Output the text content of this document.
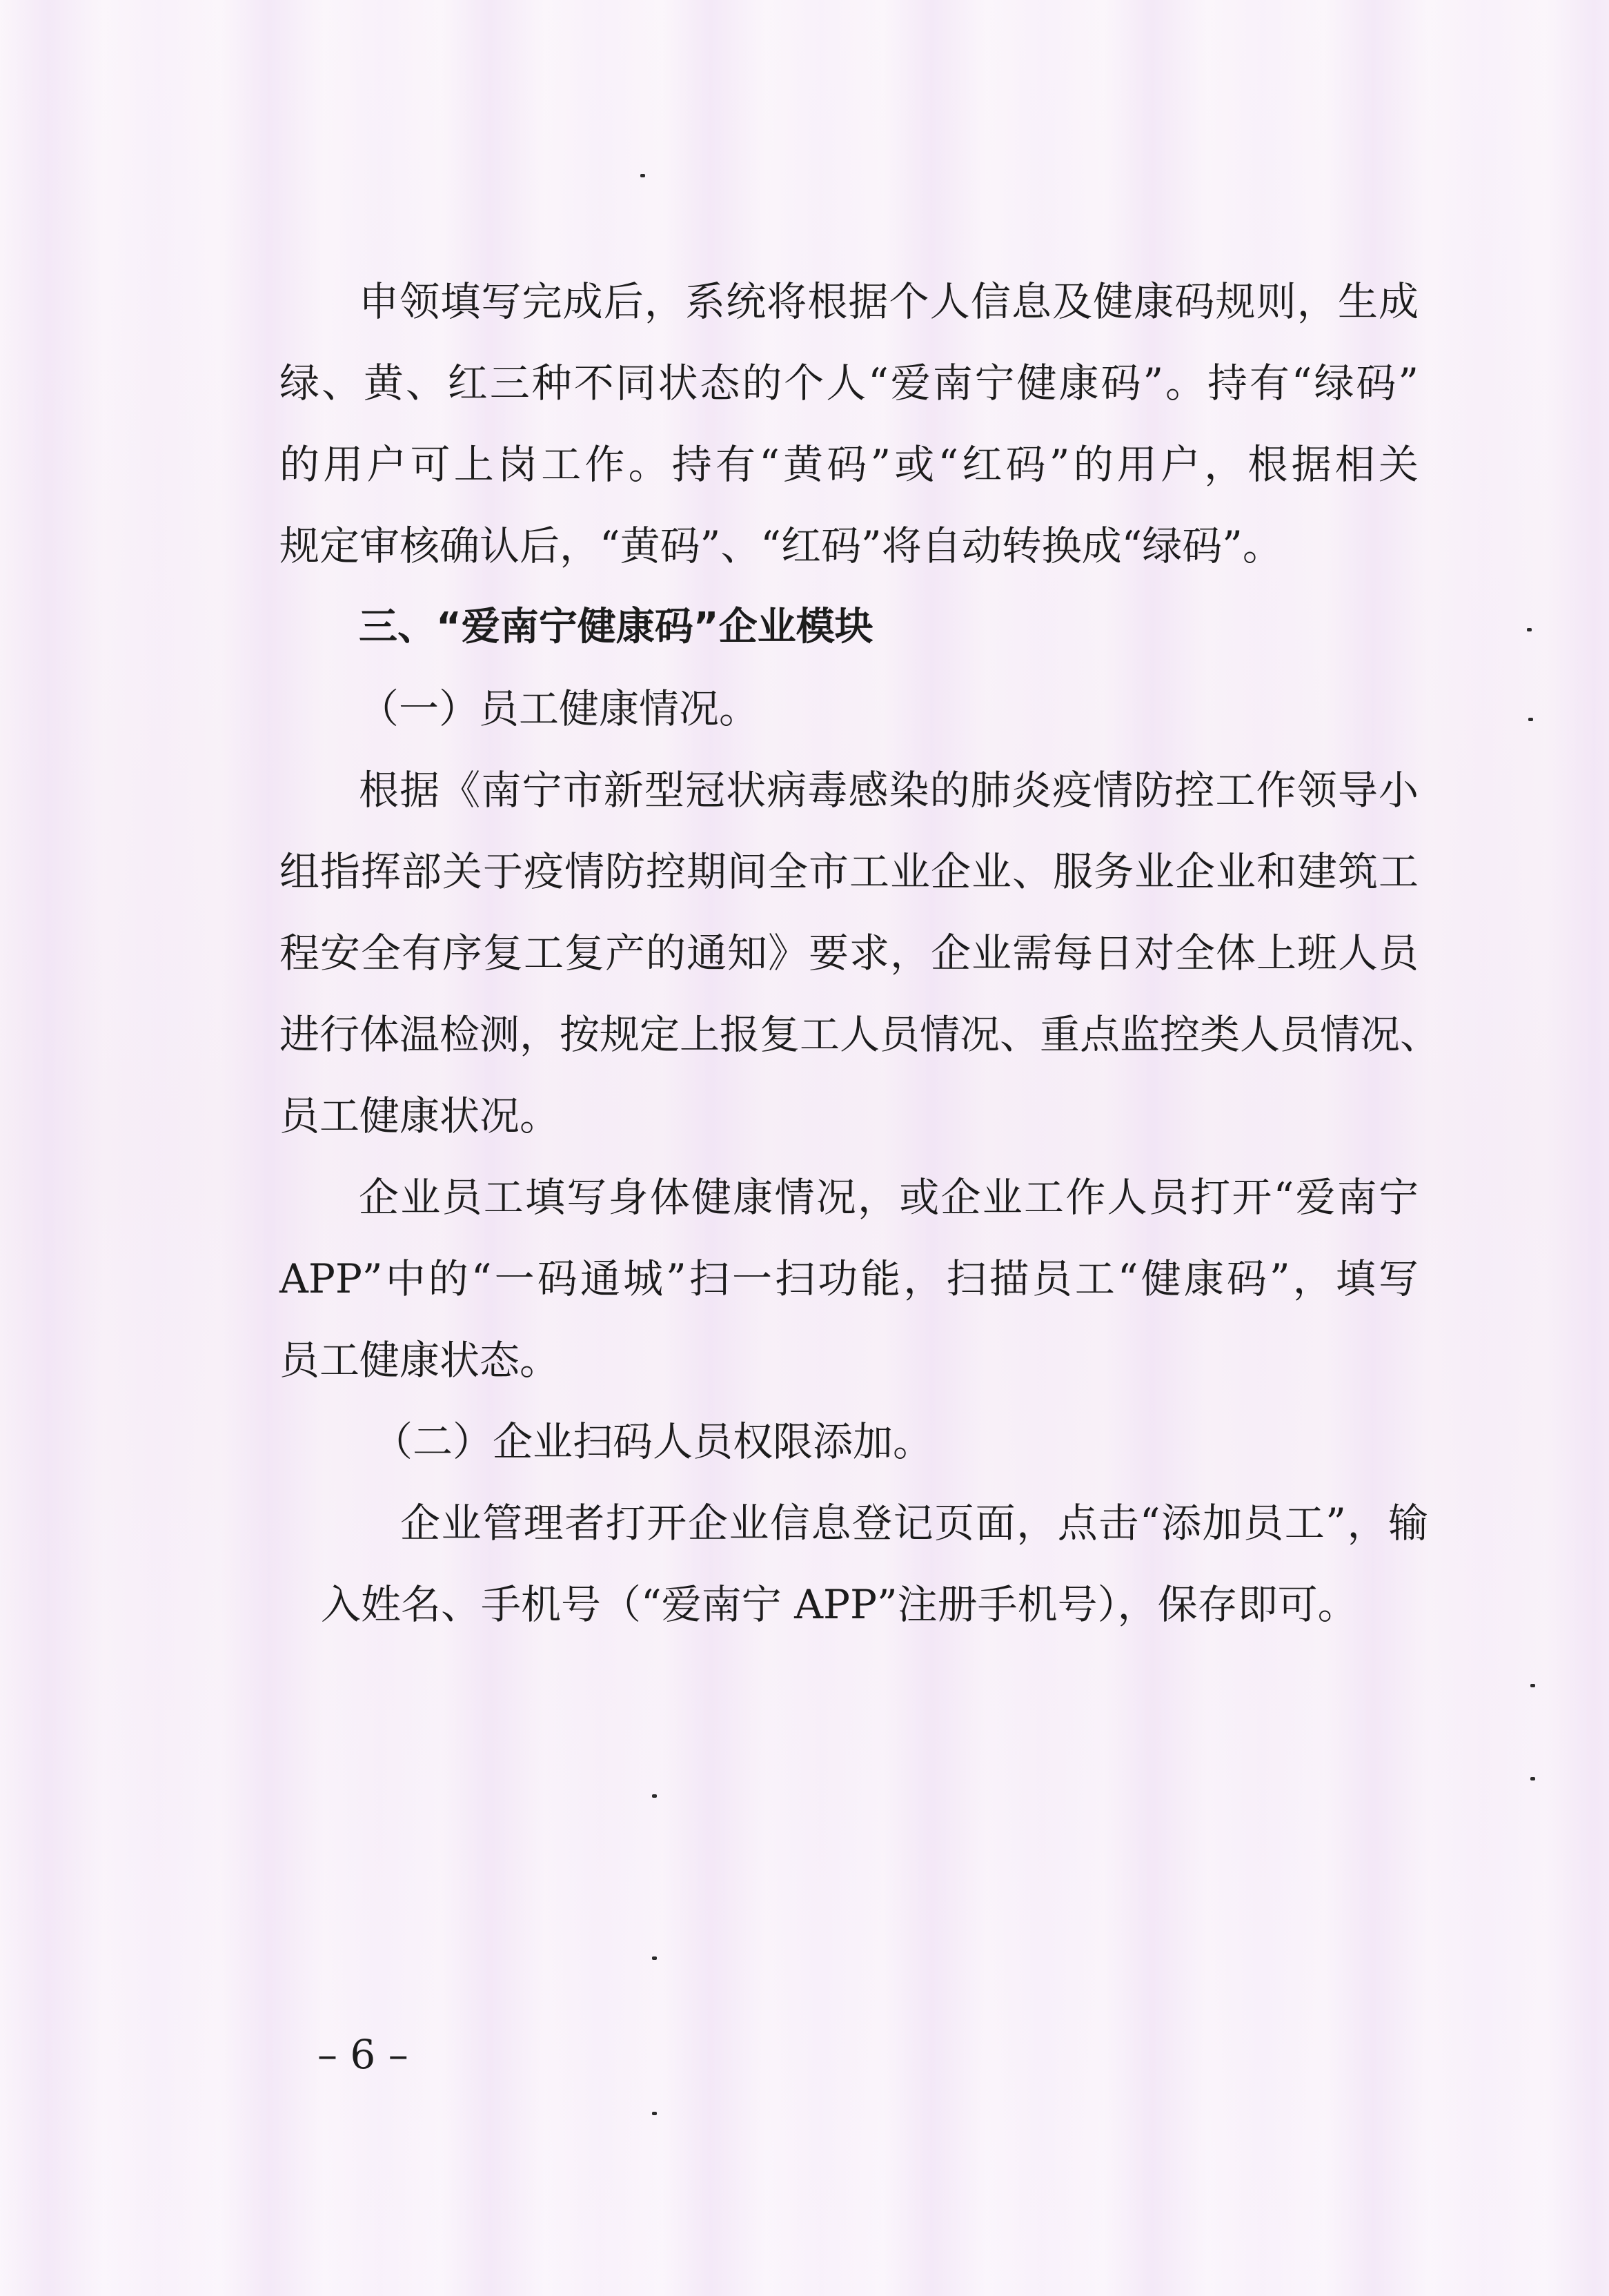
申领填写完成后，系统将根据个人信息及健康码规则，生成
绿、黄、红三种不同状态的个人“爱南宁健康码”。持有“绿码”
的用户可上岗工作。持有“黄码”或“红码”的用户，根据相关
规定审核确认后，“黄码”、“红码”将自动转换成“绿码”。
三、“爱南宁健康码”企业模块
（一）员工健康情况。
根据《南宁市新型冠状病毒感染的肺炎疫情防控工作领导小
组指挥部关于疫情防控期间全市工业企业、服务业企业和建筑工
程安全有序复工复产的通知》要求，企业需每日对全体上班人员
进行体温检测，按规定上报复工人员情况、重点监控类人员情况、
员工健康状况。
企业员工填写身体健康情况，或企业工作人员打开“爱南宁
APP”中的“一码通城”扫一扫功能，扫描员工“健康码”，填写
员工健康状态。
（二）企业扫码人员权限添加。
企业管理者打开企业信息登记页面，点击“添加员工”，输
入姓名、手机号（“爱南宁 APP”注册手机号），保存即可。
– 6 –
